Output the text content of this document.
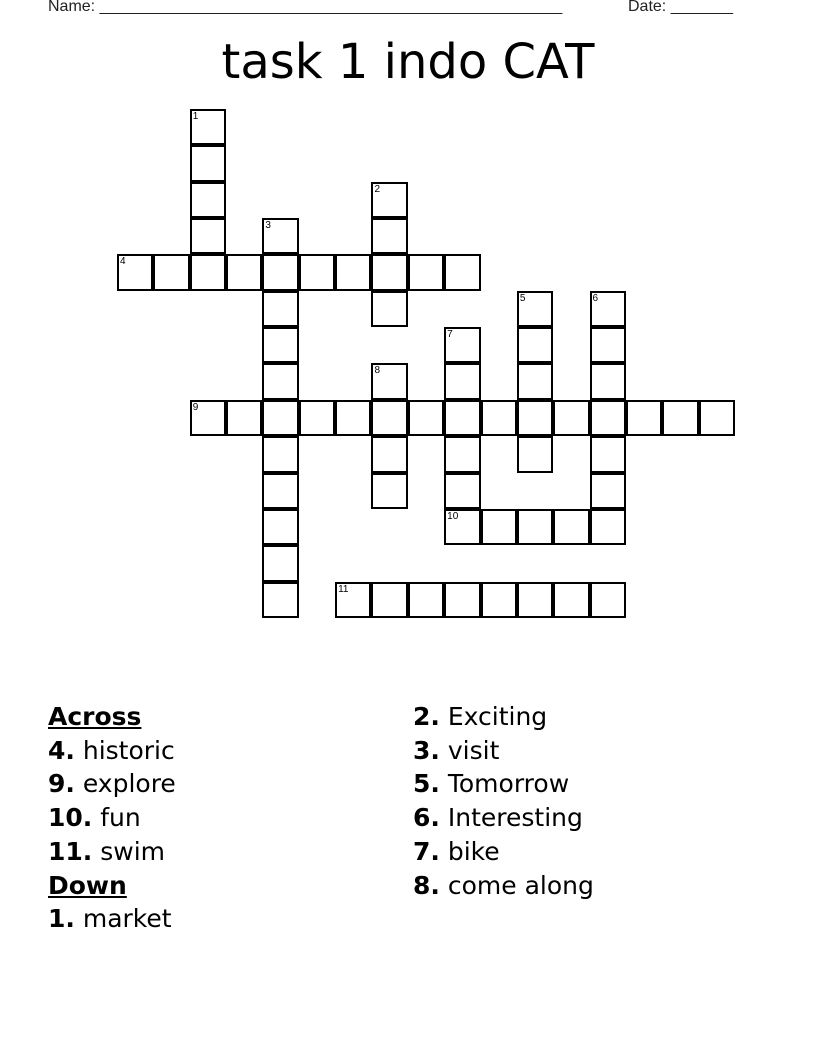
Name: ____________________________________________________	Date: _______
task 1 indo CAT
1
2
3
4
5	6
7
10
8
9
11
Across
4. historic
9. explore
10. fun
11. swim
Down
1. market
2. Exciting
3. visit
5. Tomorrow
6. Interesting
7. bike
8. come along
